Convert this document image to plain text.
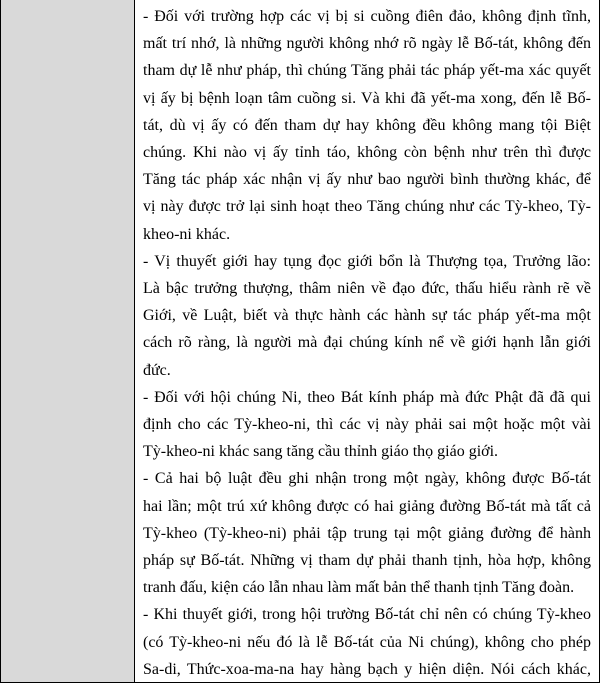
- Đối với trường hợp các vị bị si cuồng điên đảo, không định tĩnh,
mất trí nhớ, là những người không nhớ rõ ngày lễ Bố-tát, không đến
tham dự lễ như pháp, thì chúng Tăng phải tác pháp yết-ma xác quyết
vị ấy bị bệnh loạn tâm cuồng si. Và khi đã yết-ma xong, đến lễ Bố-
tát, dù vị ấy có đến tham dự hay không đều không mang tội Biệt
chúng. Khi nào vị ấy tỉnh táo, không còn bệnh như trên thì được
Tăng tác pháp xác nhận vị ấy như bao người bình thường khác, để
vị này được trở lại sinh hoạt theo Tăng chúng như các Tỳ-kheo, Tỳ-
kheo-ni khác.
- Vị thuyết giới hay tụng đọc giới bổn là Thượng tọa, Trưởng lão:
Là bậc trưởng thượng, thâm niên về đạo đức, thấu hiểu rành rẽ về
Giới, về Luật, biết và thực hành các hành sự tác pháp yết-ma một
cách rõ ràng, là người mà đại chúng kính nể về giới hạnh lẫn giới
đức.
- Đối với hội chúng Ni, theo Bát kính pháp mà đức Phật đã đã qui
định cho các Tỳ-kheo-ni, thì các vị này phải sai một hoặc một vài
Tỳ-kheo-ni khác sang tăng cầu thỉnh giáo thọ giáo giới.
- Cả hai bộ luật đều ghi nhận trong một ngày, không được Bố-tát
hai lần; một trú xứ không được có hai giảng đường Bố-tát mà tất cả
Tỳ-kheo (Tỳ-kheo-ni) phải tập trung tại một giảng đường để hành
pháp sự Bố-tát. Những vị tham dự phải thanh tịnh, hòa hợp, không
tranh đấu, kiện cáo lẫn nhau làm mất bản thể thanh tịnh Tăng đoàn.
- Khi thuyết giới, trong hội trường Bố-tát chỉ nên có chúng Tỳ-kheo
(có Tỳ-kheo-ni nếu đó là lễ Bố-tát của Ni chúng), không cho phép
Sa-di, Thức-xoa-ma-na hay hàng bạch y hiện diện. Nói cách khác,
